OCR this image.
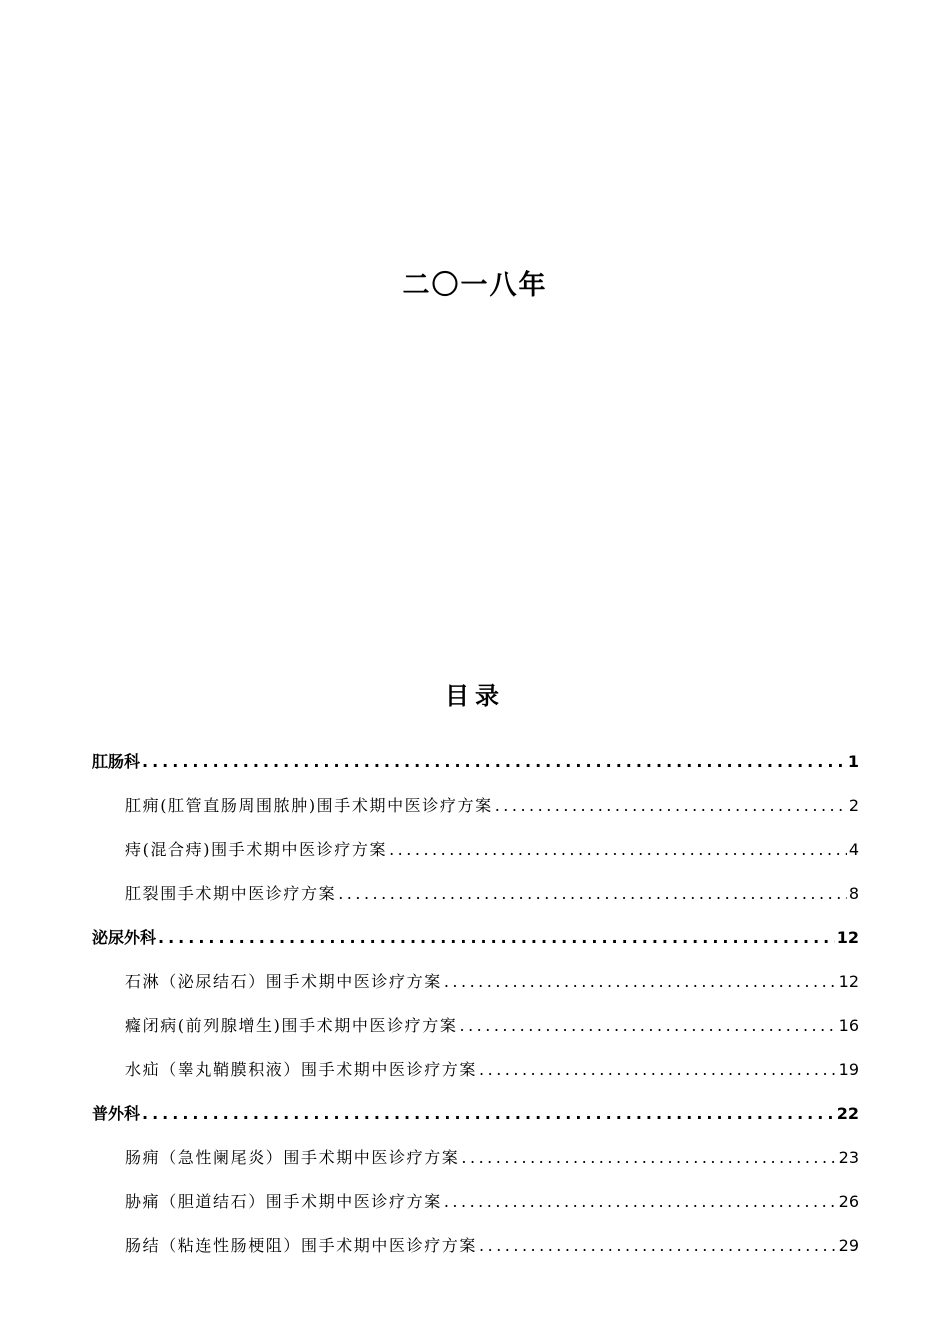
二〇一八年
目录
肛肠科 .....	1
肛痈(肛管直肠周围脓肿)围手术期中医诊疗方案 .....	2
痔(混合痔)围手术期中医诊疗方案 .....	4
肛裂围手术期中医诊疗方案 .....	8
泌尿外科 .....	12
石淋（泌尿结石）围手术期中医诊疗方案 .....	12
癃闭病(前列腺增生)围手术期中医诊疗方案 .....	16
水疝（睾丸鞘膜积液）围手术期中医诊疗方案 .....	19
普外科 .....	22
肠痈（急性阑尾炎）围手术期中医诊疗方案 .....	23
胁痛（胆道结石）围手术期中医诊疗方案 .....	26
肠结（粘连性肠梗阻）围手术期中医诊疗方案 .....	29
